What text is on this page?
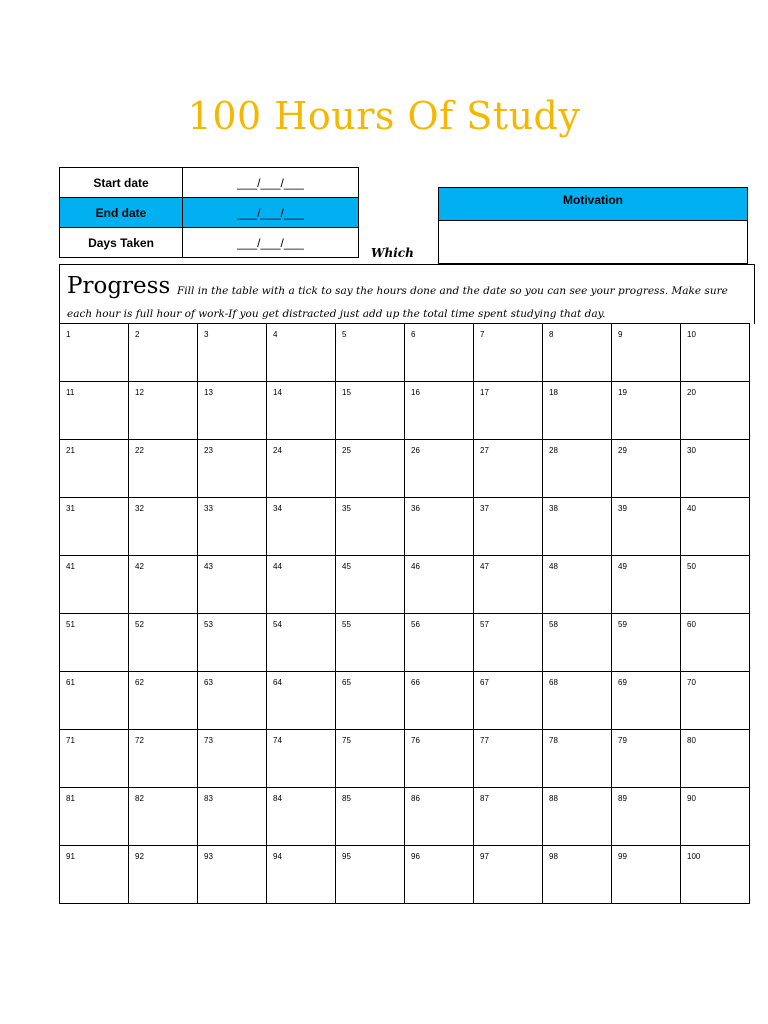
100 Hours Of Study
Start date	___/___/___
End date	___/___/___
Days Taken	___/___/___
Motivation
Which
Progress Fill in the table with a tick to say the hours done and the date so you can see your progress. Make sure each hour is full hour of work-If you get distracted just add up the total time spent studying that day.
1	2	3	4	5	6	7	8	9	10

11	12	13	14	15	16	17	18	19	20

21	22	23	24	25	26	27	28	29	30

31	32	33	34	35	36	37	38	39	40

41	42	43	44	45	46	47	48	49	50

51	52	53	54	55	56	57	58	59	60

61	62	63	64	65	66	67	68	69	70

71	72	73	74	75	76	77	78	79	80

81	82	83	84	85	86	87	88	89	90

91	92	93	94	95	96	97	98	99	100
